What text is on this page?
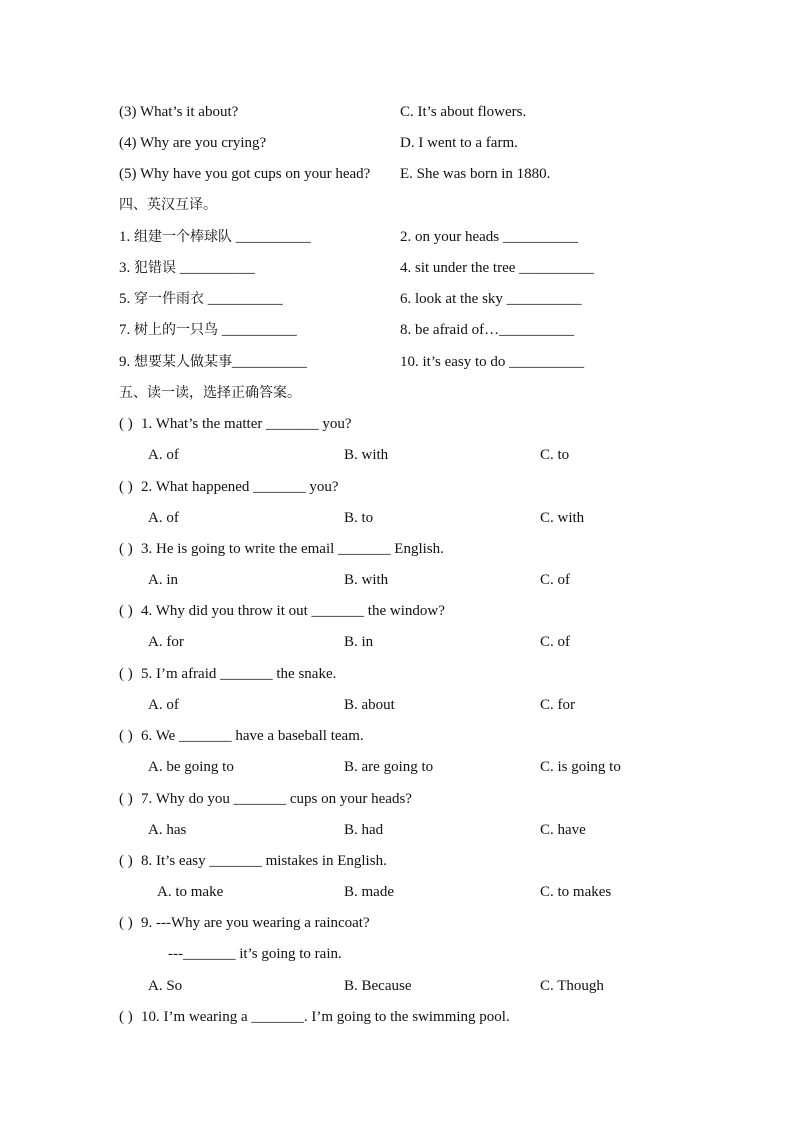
(3) What’s it about?	C. It’s about flowers.
(4) Why are you crying?	D. I went to a farm.
(5) Why have you got cups on your head? E. She was born in 1880.
四、英汉互译。
1. 组建一个棒球队 __________	2. on your heads __________
3. 犯错误 __________	4. sit under the tree __________
5. 穿一件雨衣 __________	6. look at the sky __________
7. 树上的一只鸟 __________	8. be afraid of…__________
9. 想要某人做某事__________	10. it’s easy to do __________
五、读一读，选择正确答案。
( ) 1. What’s the matter _______ you?
A. of	B. with	C. to
( ) 2. What happened _______ you?
A. of	B. to	C. with
( ) 3. He is going to write the email _______ English.
A. in	B. with	C. of
( ) 4. Why did you throw it out _______ the window?
A. for	B. in	C. of
( ) 5. I’m afraid _______ the snake.
A. of	B. about	C. for
( ) 6. We _______ have a baseball team.
A. be going to	B. are going to	C. is going to
( ) 7. Why do you _______ cups on your heads?
A. has	B. had	C. have
( ) 8. It’s easy _______ mistakes in English.
A. to make	B. made	C. to makes
( ) 9. ---Why are you wearing a raincoat?
---_______ it’s going to rain.
A. So	B. Because	C. Though
( ) 10. I’m wearing a _______. I’m going to the swimming pool.
